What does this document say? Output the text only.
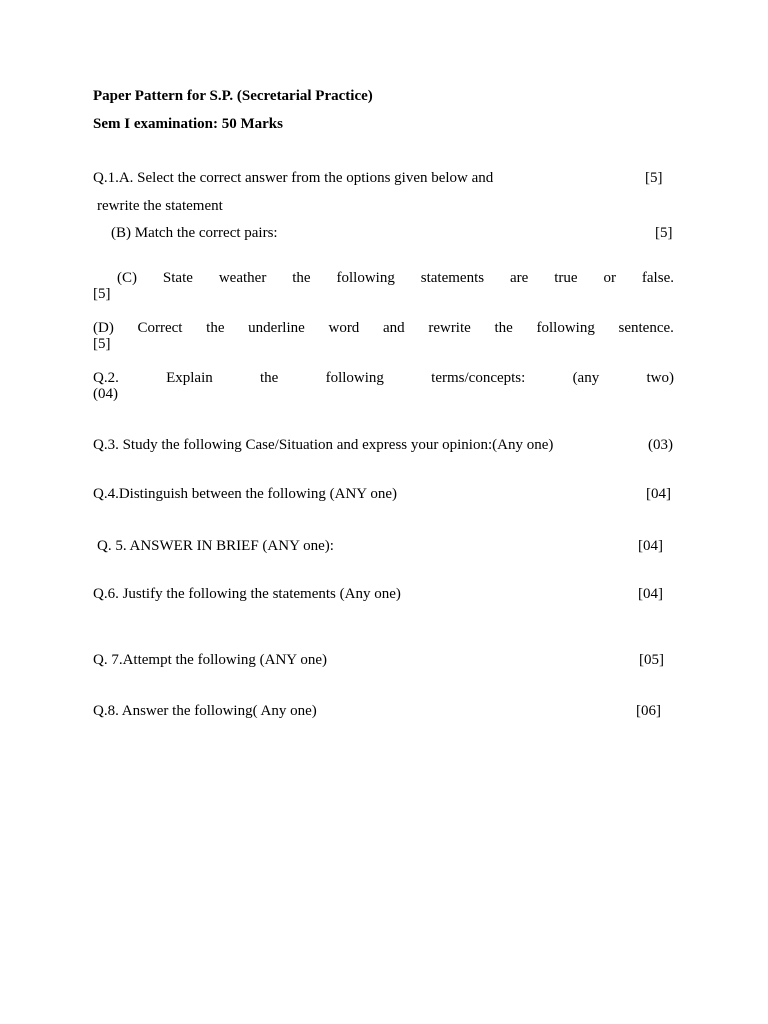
Paper Pattern for S.P. (Secretarial Practice)
Sem I examination: 50 Marks
Q.1.A. Select the correct answer from the options given below and	[5]
rewrite the statement
(B) Match the correct pairs:	[5]
(C) State weather the following statements are true or false.
[5]
(D) Correct the underline word and rewrite the following sentence.
[5]
Q.2.	Explain	the	following	terms/concepts:	(any	two)
(04)
Q.3. Study the following Case/Situation and express your opinion:(Any one)	(03)
Q.4.Distinguish between the following (ANY one)	[04]
Q. 5. ANSWER IN BRIEF (ANY one):	[04]
Q.6. Justify the following the statements (Any one)	[04]
Q. 7.Attempt the following (ANY one)	[05]
Q.8. Answer the following( Any one)	[06]
